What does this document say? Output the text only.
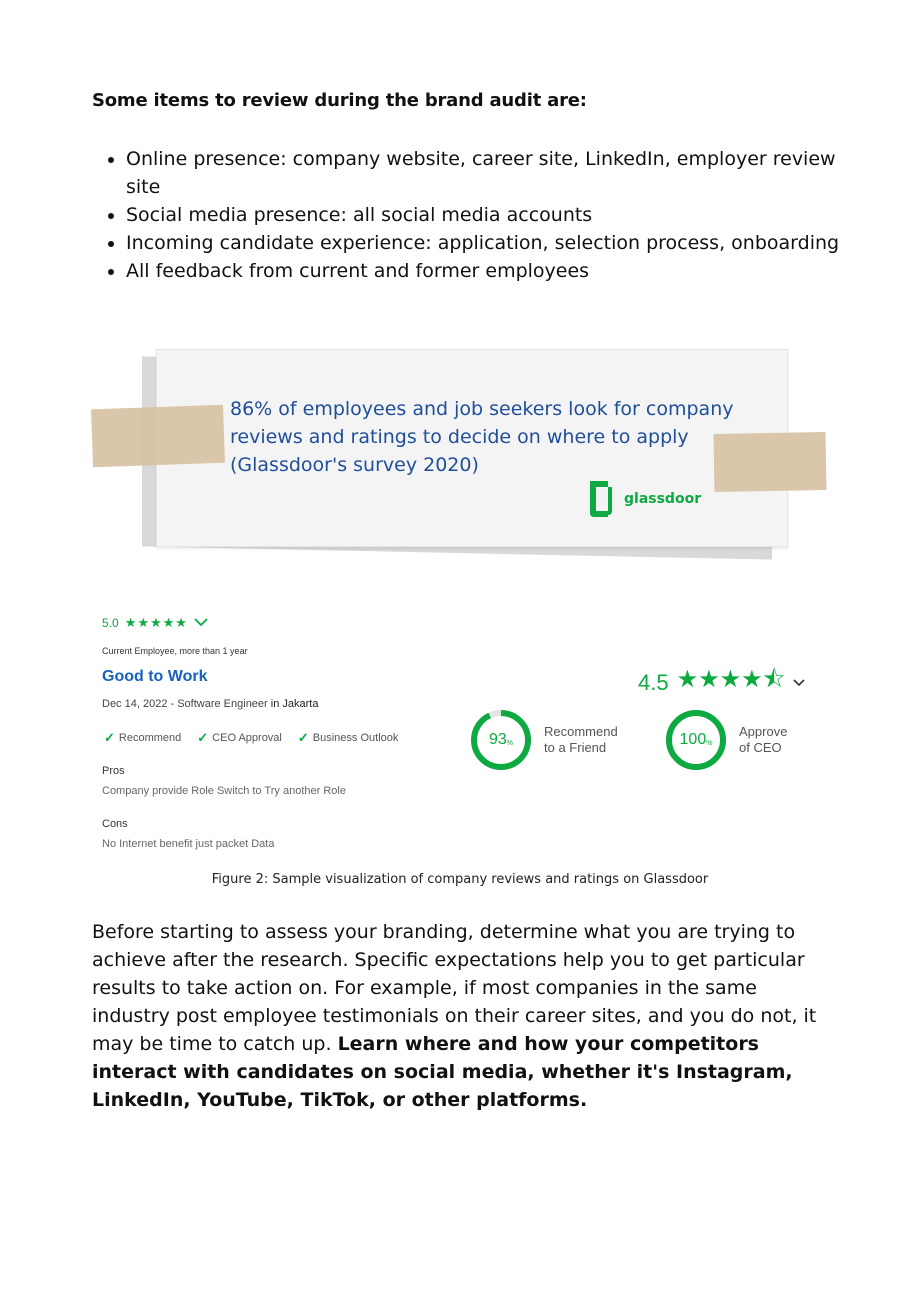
Some items to review during the brand audit are:
• Online presence: company website, career site, LinkedIn, employer review site
• Social media presence: all social media accounts
• Incoming candidate experience: application, selection process, onboarding
• All feedback from current and former employees
86% of employees and job seekers look for company reviews and ratings to decide on where to apply (Glassdoor's survey 2020)
glassdoor
5.0 ★★★★★
Current Employee, more than 1 year
Good to Work
Dec 14, 2022 - Software Engineer in Jakarta
✓ Recommend ✓ CEO Approval ✓ Business Outlook
Pros
Company provide Role Switch to Try another Role
Cons
No Internet benefit just packet Data
4.5 ★★★★⯪
93 %
Recommend
to a Friend	100 %
Approve
of CEO
Figure 2: Sample visualization of company reviews and ratings on Glassdoor
Before starting to assess your branding, determine what you are trying to achieve after the research. Specific expectations help you to get particular results to take action on. For example, if most companies in the same industry post employee testimonials on their career sites, and you do not, it may be time to catch up. Learn where and how your competitors interact with candidates on social media, whether it's Instagram, LinkedIn, YouTube, TikTok, or other platforms.
